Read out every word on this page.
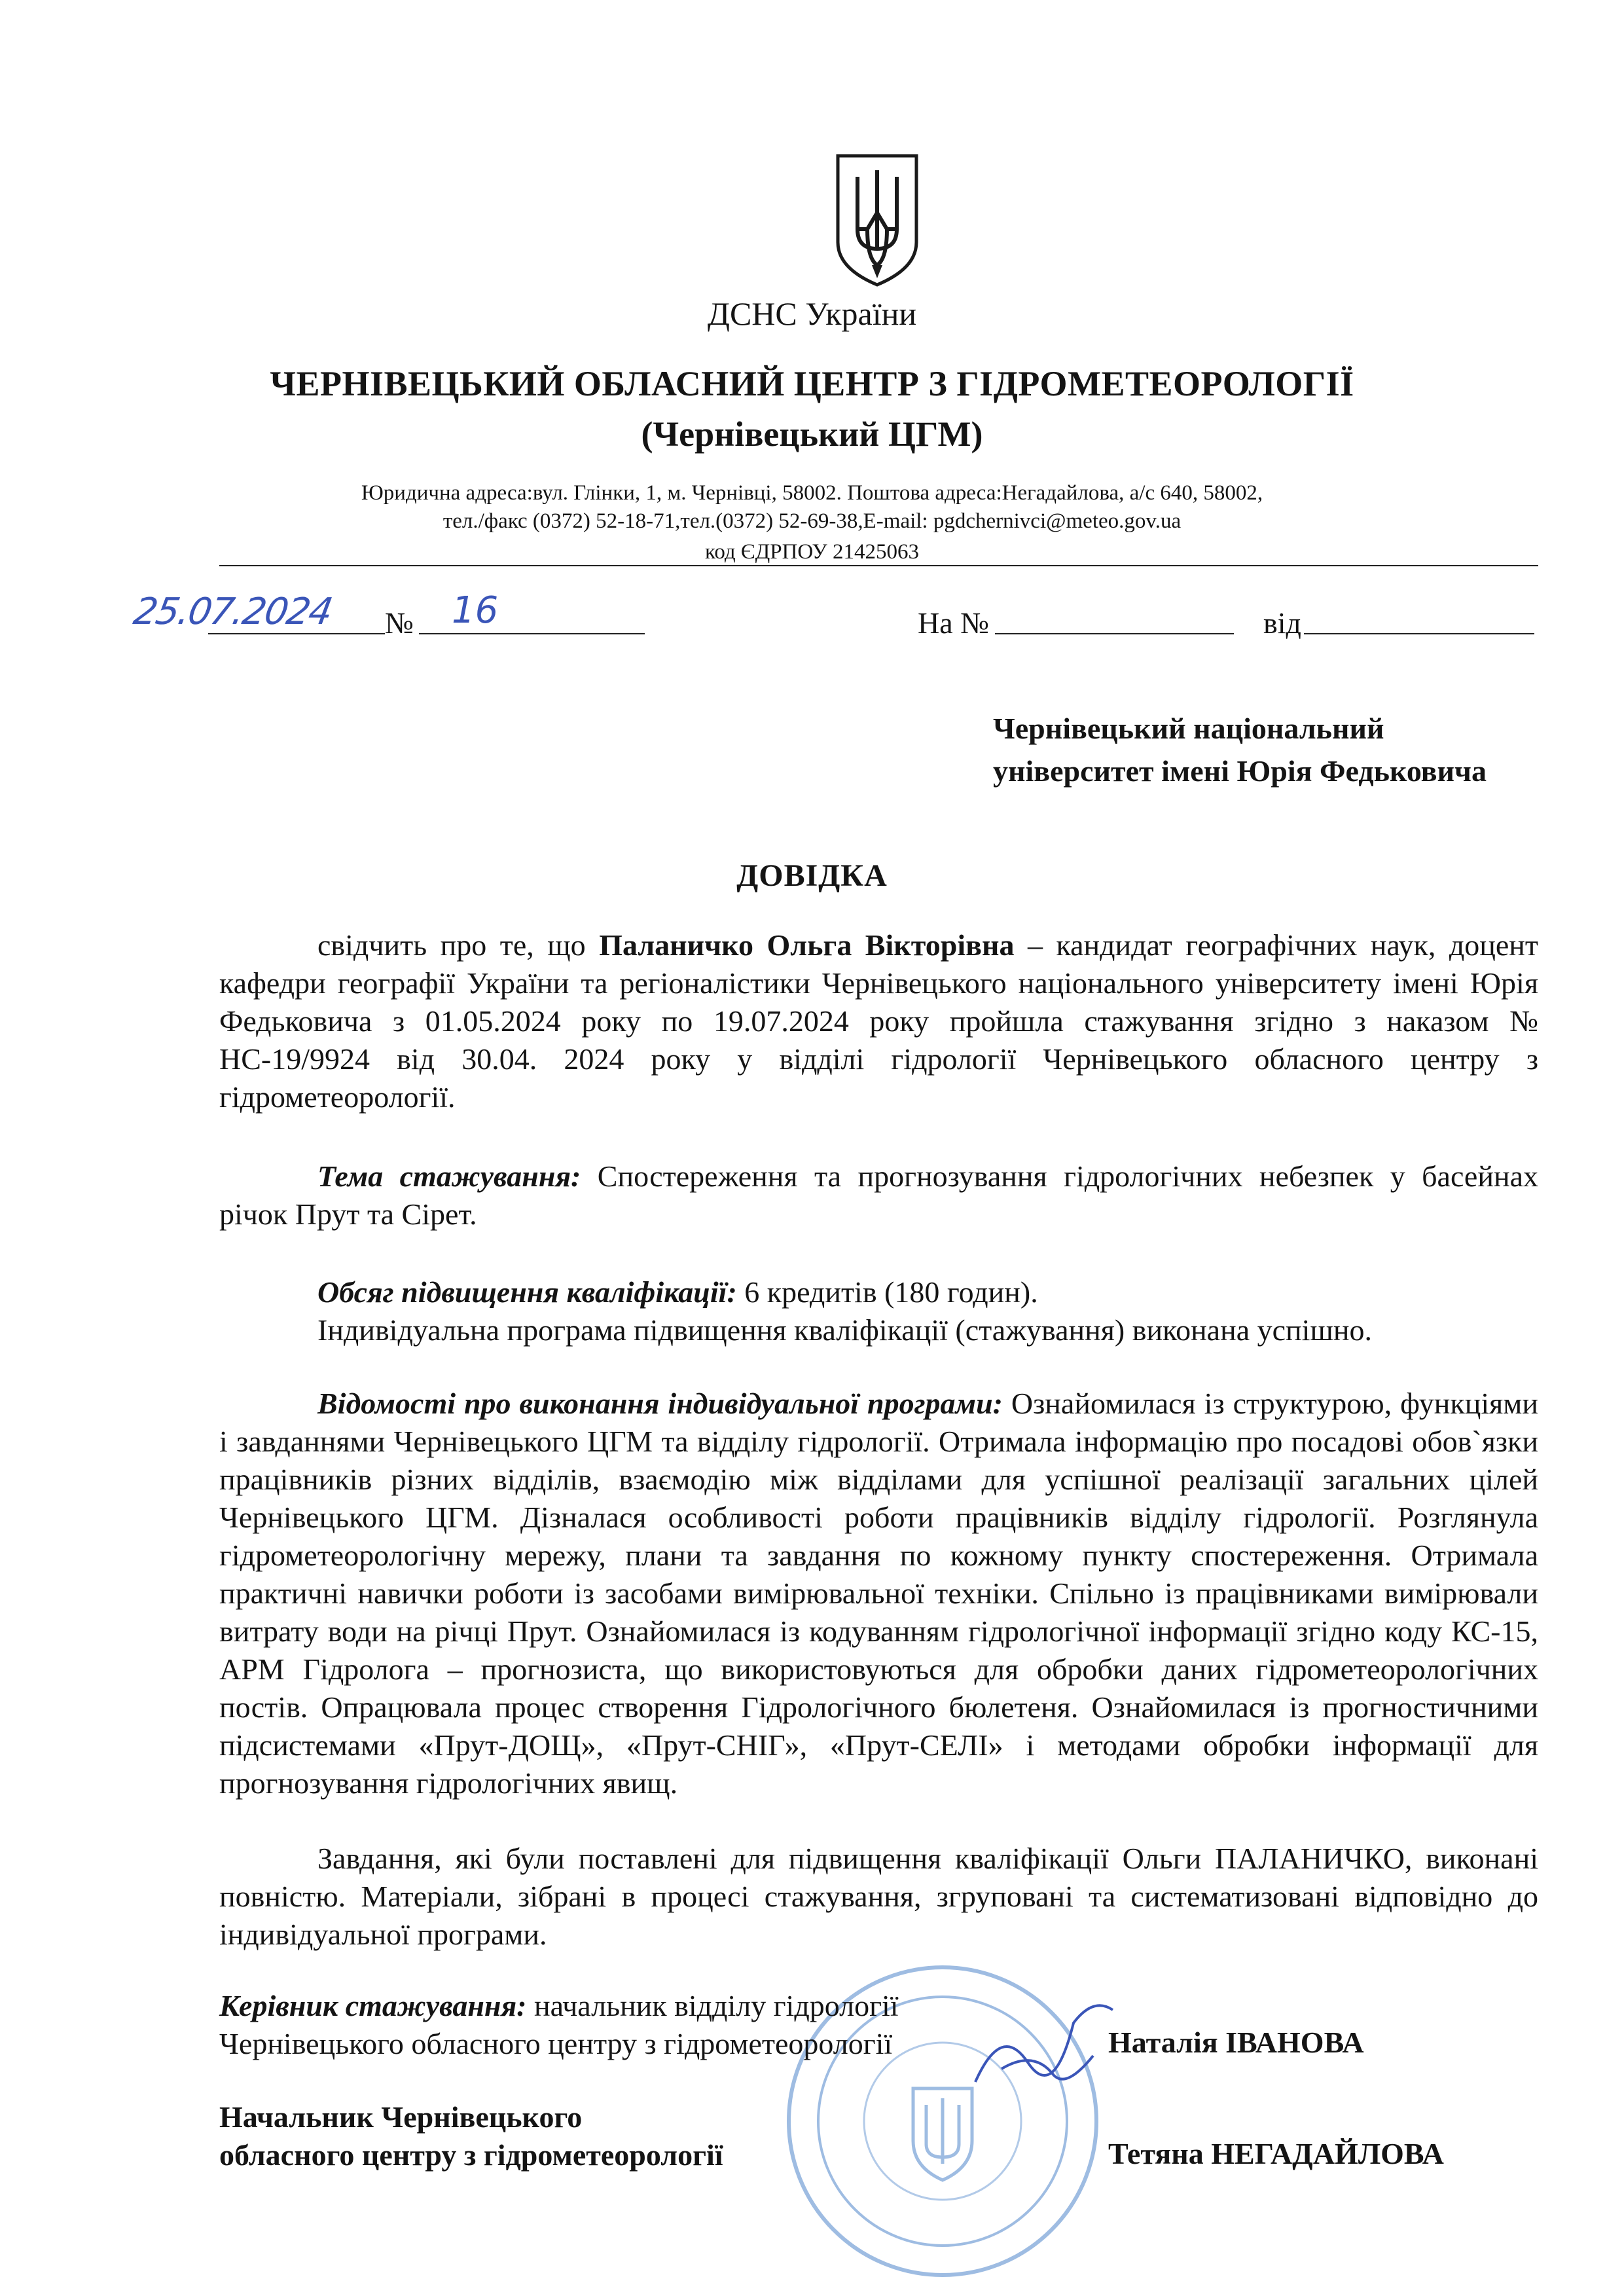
ДСНС України
ЧЕРНІВЕЦЬКИЙ ОБЛАСНИЙ ЦЕНТР З ГІДРОМЕТЕОРОЛОГІЇ
(Чернівецький ЦГМ)
Юридична адреса:вул. Глінки, 1, м. Чернівці, 58002. Поштова адреса:Негадайлова, а/с 640, 58002,
тел./факс (0372) 52-18-71,тел.(0372) 52-69-38,E-mail: pgdchernivci@meteo.gov.ua
код ЄДРПОУ 21425063
25.07.2024 № 16	На №	від
Чернівецький національний
університет імені Юрія Федьковича
ДОВІДКА
свідчить про те, що Паланичко Ольга Вікторівна – кандидат географічних наук, доцент кафедри географії України та регіоналістики Чернівецького національного університету імені Юрія Федьковича з 01.05.2024 року по 19.07.2024 року пройшла стажування згідно з наказом № НС-19/9924 від 30.04. 2024 року у відділі гідрології Чернівецького обласного центру з гідрометеорології.
Тема стажування: Спостереження та прогнозування гідрологічних небезпек у басейнах річок Прут та Сірет.
Обсяг підвищення кваліфікації: 6 кредитів (180 годин).
Індивідуальна програма підвищення кваліфікації (стажування) виконана успішно.
Відомості про виконання індивідуальної програми: Ознайомилася із структурою, функціями і завданнями Чернівецького ЦГМ та відділу гідрології. Отримала інформацію про посадові обов`язки працівників різних відділів, взаємодію між відділами для успішної реалізації загальних цілей Чернівецького ЦГМ. Дізналася особливості роботи працівників відділу гідрології. Розглянула гідрометеорологічну мережу, плани та завдання по кожному пункту спостереження. Отримала практичні навички роботи із засобами вимірювальної техніки. Спільно із працівниками вимірювали витрату води на річці Прут. Ознайомилася із кодуванням гідрологічної інформації згідно коду КС-15, АРМ Гідролога – прогнозиста, що використовуються для обробки даних гідрометеорологічних постів. Опрацювала процес створення Гідрологічного бюлетеня. Ознайомилася із прогностичними підсистемами «Прут-ДОЩ», «Прут-СНІГ», «Прут-СЕЛІ» і методами обробки інформації для прогнозування гідрологічних явищ.
Завдання, які були поставлені для підвищення кваліфікації Ольги ПАЛАНИЧКО, виконані повністю. Матеріали, зібрані в процесі стажування, згруповані та систематизовані відповідно до індивідуальної програми.
Керівник стажування: начальник відділу гідрології
Чернівецького обласного центру з гідрометеорології	Наталія ІВАНОВА
Начальник Чернівецького
обласного центру з гідрометеорології	Тетяна НЕГАДАЙЛОВА
